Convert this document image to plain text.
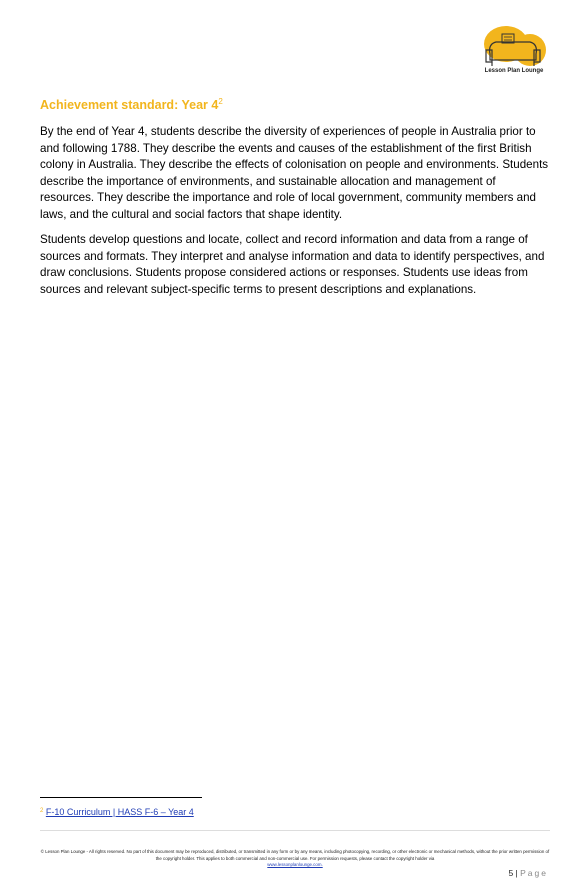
Lesson Plan Lounge
Achievement standard: Year $4^2$

By the end of Year 4, students describe the diversity of experiences of people in Australia prior to and following 1788. They describe the events and causes of the establishment of the first British colony in Australia. They describe the effects of colonisation on people and environments. Students describe the importance of environments, and sustainable allocation and management of resources. They describe the importance and role of local government, community members and laws, and the cultural and social factors that shape identity.

Students develop questions and locate, collect and record information and data from a range of sources and formats. They interpret and analyse information and data to identify perspectives, and draw conclusions. Students propose considered actions or responses. Students use ideas from sources and relevant subject-specific terms to present descriptions and explanations.

$^2$ F-10 Curriculum | HASS F-6 – Year 4
© Lesson Plan Lounge - All rights reserved. No part of this document may be reproduced, distributed, or transmitted in any form or by any means, including photocopying, recording, or other electronic or mechanical methods, without the prior written permission of the copyright holder. This applies to both commercial and non-commercial use. For permission requests, please contact the copyright holder via
www.lessonplanlounge.com.
5 | Page
